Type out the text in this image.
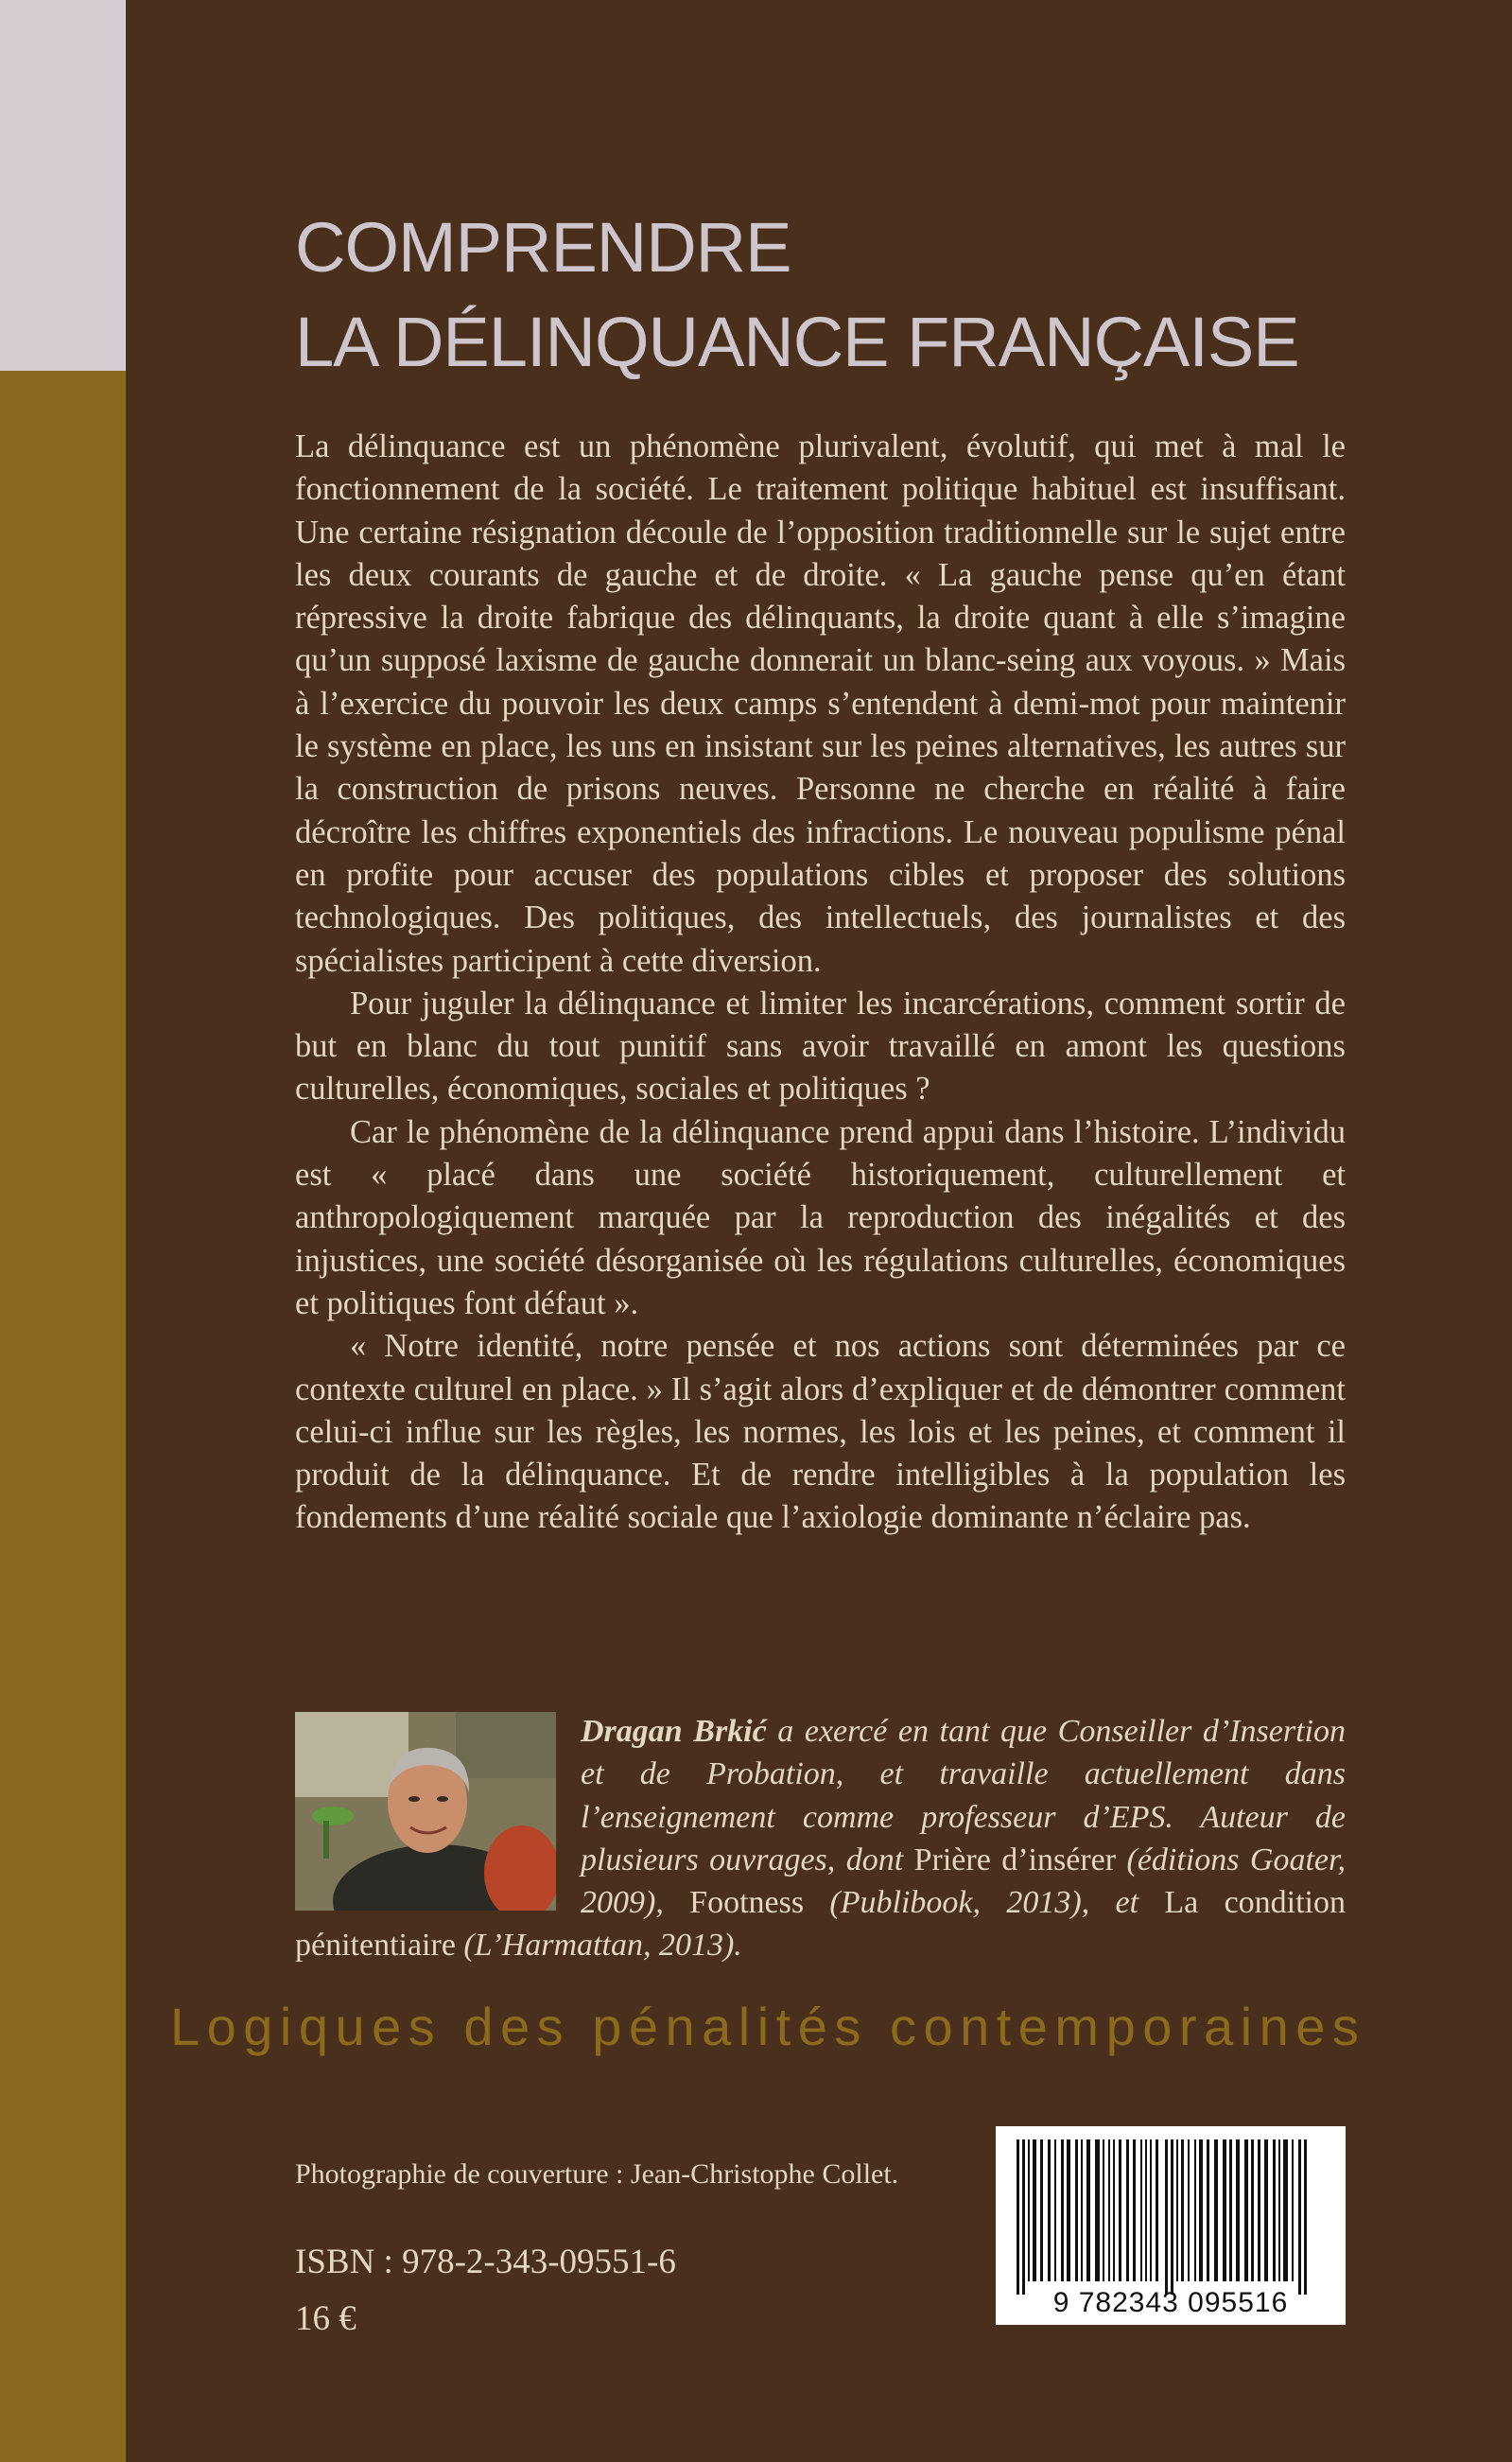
COMPRENDRE
LA DÉLINQUANCE FRANÇAISE

La délinquance est un phénomène plurivalent, évolutif, qui met à mal le fonctionnement de la société. Le traitement politique habituel est insuffisant. Une certaine résignation découle de l’opposition traditionnelle sur le sujet entre les deux courants de gauche et de droite. « La gauche pense qu’en étant répressive la droite fabrique des délinquants, la droite quant à elle s’imagine qu’un supposé laxisme de gauche donnerait un blanc-seing aux voyous. » Mais à l’exercice du pouvoir les deux camps s’entendent à demi-mot pour maintenir le système en place, les uns en insistant sur les peines alternatives, les autres sur la construction de prisons neuves. Personne ne cherche en réalité à faire décroître les chiffres exponentiels des infractions. Le nouveau populisme pénal en profite pour accuser des populations cibles et proposer des solutions technologiques. Des politiques, des intellectuels, des journalistes et des spécialistes participent à cette diversion.

Pour juguler la délinquance et limiter les incarcérations, comment sortir de but en blanc du tout punitif sans avoir travaillé en amont les questions culturelles, économiques, sociales et politiques ?

Car le phénomène de la délinquance prend appui dans l’histoire. L’individu est « placé dans une société historiquement, culturellement et anthropologiquement marquée par la reproduction des inégalités et des injustices, une société désorganisée où les régulations culturelles, économiques et politiques font défaut ».

« Notre identité, notre pensée et nos actions sont déterminées par ce contexte culturel en place. » Il s’agit alors d’expliquer et de démontrer comment celui-ci influe sur les règles, les normes, les lois et les peines, et comment il produit de la délinquance. Et de rendre intelligibles à la population les fondements d’une réalité sociale que l’axiologie dominante n’éclaire pas.

Dragan Brkić a exercé en tant que Conseiller d’Insertion et de Probation, et travaille actuellement dans l’enseignement comme professeur d’EPS. Auteur de plusieurs ouvrages, dont Prière d’insérer (éditions Goater, 2009), Footness (Publibook, 2013), et La condition pénitentiaire (L’Harmattan, 2013).
Logiques des pénalités contemporaines
Photographie de couverture : Jean-Christophe Collet.
ISBN : 978-2-343-09551-6
16 €	9 782343 095516
